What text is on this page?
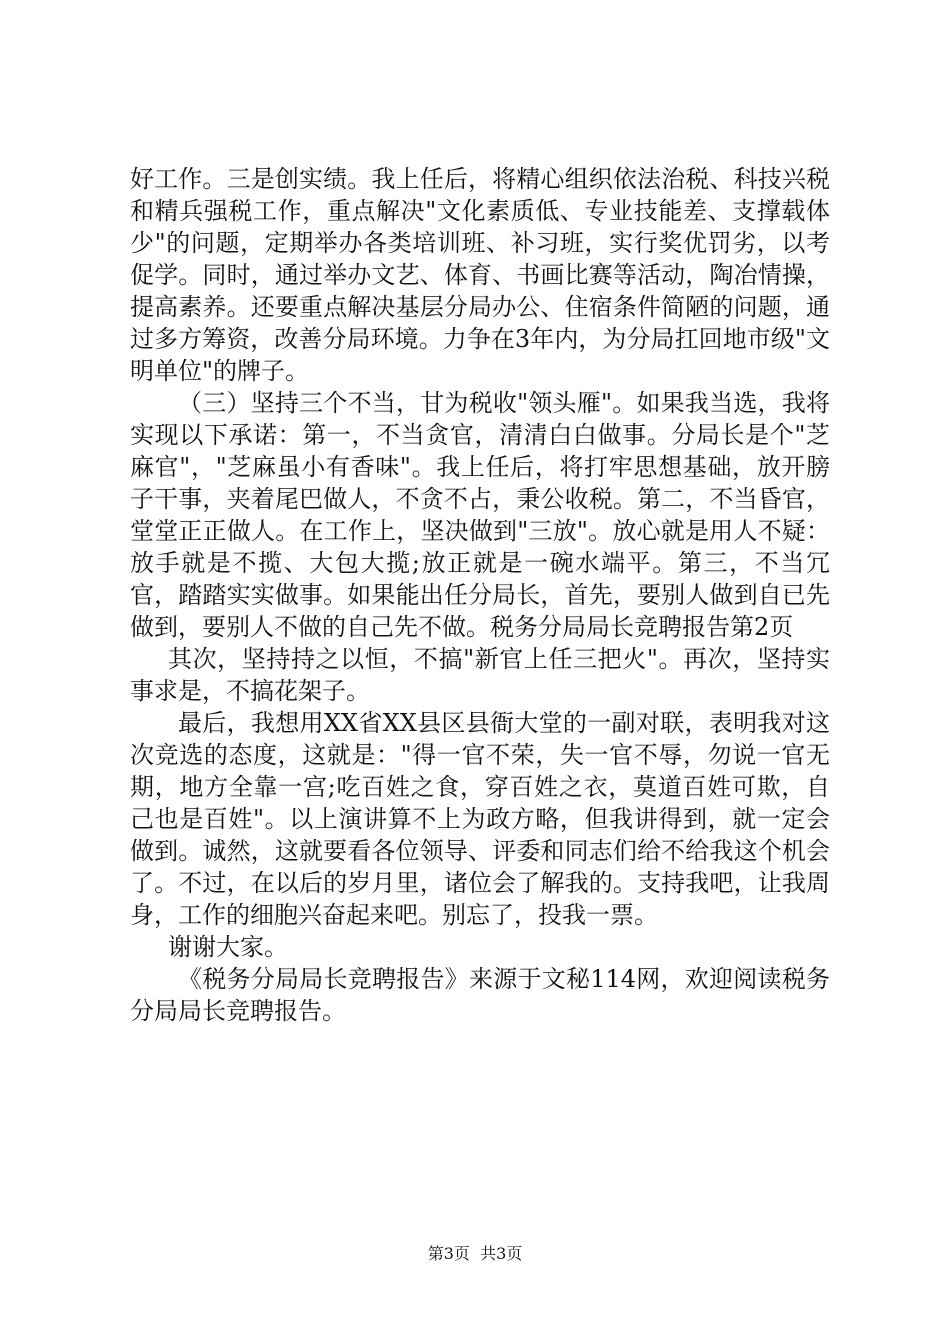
好工作。三是创实绩。我上任后，将精心组织依法治税、科技兴税和精兵强税工作，重点解决"文化素质低、专业技能差、支撑载体少"的问题，定期举办各类培训班、补习班，实行奖优罚劣，以考促学。同时，通过举办文艺、体育、书画比赛等活动，陶冶情操，提高素养。还要重点解决基层分局办公、住宿条件简陋的问题，通过多方筹资，改善分局环境。力争在3年内，为分局扛回地市级"文明单位"的牌子。

（三）坚持三个不当，甘为税收"领头雁"。如果我当选，我将实现以下承诺：第一，不当贪官，清清白白做事。分局长是个"芝麻官"，"芝麻虽小有香味"。我上任后，将打牢思想基础，放开膀子干事，夹着尾巴做人，不贪不占，秉公收税。第二，不当昏官，堂堂正正做人。在工作上，坚决做到"三放"。放心就是用人不疑：放手就是不揽、大包大揽;放正就是一碗水端平。第三，不当冗官，踏踏实实做事。如果能出任分局长，首先，要别人做到自已先做到，要别人不做的自己先不做。税务分局局长竞聘报告第2页

其次，坚持持之以恒，不搞"新官上任三把火"。再次，坚持实事求是，不搞花架子。

最后，我想用XX省XX县区县衙大堂的一副对联，表明我对这次竞选的态度，这就是："得一官不荣，失一官不辱，勿说一官无期，地方全靠一宫;吃百姓之食，穿百姓之衣，莫道百姓可欺，自己也是百姓"。以上演讲算不上为政方略，但我讲得到，就一定会做到。诚然，这就要看各位领导、评委和同志们给不给我这个机会了。不过，在以后的岁月里，诸位会了解我的。支持我吧，让我周身，工作的细胞兴奋起来吧。别忘了，投我一票。

谢谢大家。

《税务分局局长竞聘报告》来源于文秘114网，欢迎阅读税务分局局长竞聘报告。

第3页  共3页
